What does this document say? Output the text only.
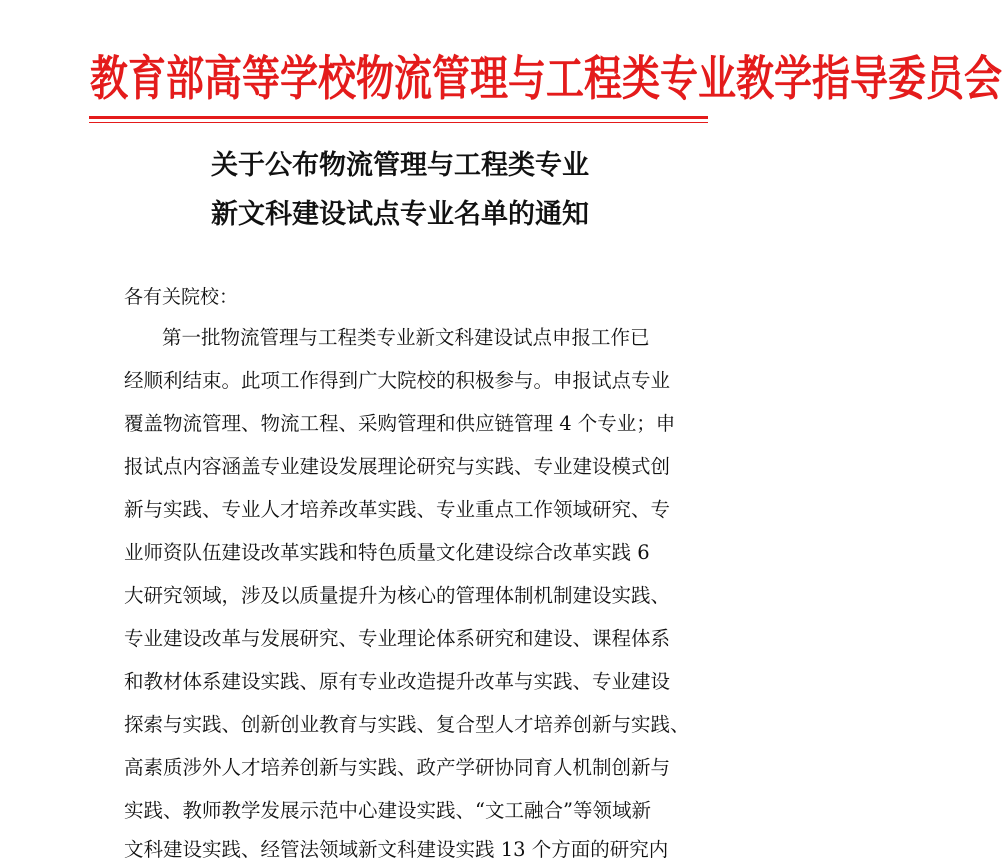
教育部高等学校物流管理与工程类专业教学指导委员会
关于公布物流管理与工程类专业
新文科建设试点专业名单的通知
各有关院校：
第一批物流管理与工程类专业新文科建设试点申报工作已
经顺利结束。此项工作得到广大院校的积极参与。申报试点专业
覆盖物流管理、物流工程、采购管理和供应链管理 4 个专业；申
报试点内容涵盖专业建设发展理论研究与实践、专业建设模式创
新与实践、专业人才培养改革实践、专业重点工作领域研究、专
业师资队伍建设改革实践和特色质量文化建设综合改革实践 6
大研究领域，涉及以质量提升为核心的管理体制机制建设实践、
专业建设改革与发展研究、专业理论体系研究和建设、课程体系
和教材体系建设实践、原有专业改造提升改革与实践、专业建设
探索与实践、创新创业教育与实践、复合型人才培养创新与实践、
高素质涉外人才培养创新与实践、政产学研协同育人机制创新与
实践、教师教学发展示范中心建设实践、“文工融合”等领域新
文科建设实践、经管法领域新文科建设实践 13 个方面的研究内
